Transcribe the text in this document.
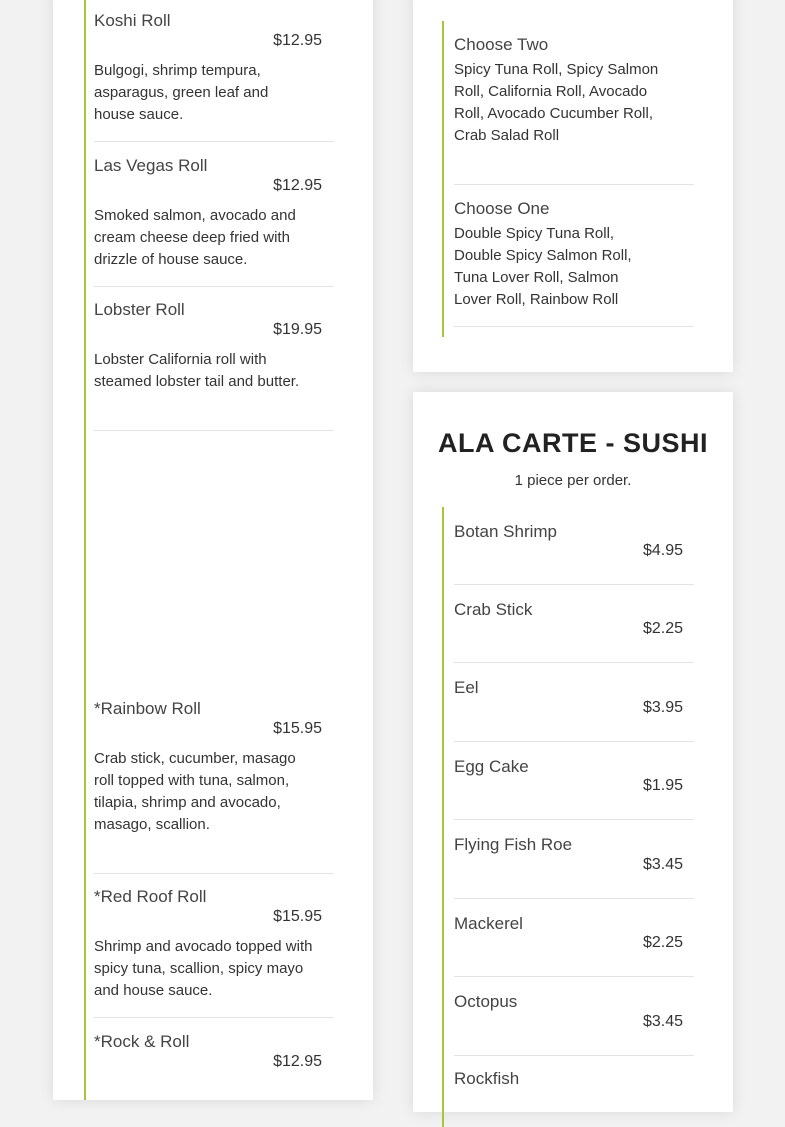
Koshi Roll
$12.95
Bulgogi, shrimp tempura, asparagus, green leaf and house sauce.
Las Vegas Roll
$12.95
Smoked salmon, avocado and cream cheese deep fried with drizzle of house sauce.
Lobster Roll
$19.95
Lobster California roll with steamed lobster tail and butter.
*Rainbow Roll
$15.95
Crab stick, cucumber, masago roll topped with tuna, salmon, tilapia, shrimp and avocado, masago, scallion.
*Red Roof Roll
$15.95
Shrimp and avocado topped with spicy tuna, scallion, spicy mayo and house sauce.
*Rock & Roll
$12.95
Choose Two
Spicy Tuna Roll, Spicy Salmon Roll, California Roll, Avocado Roll, Avocado Cucumber Roll, Crab Salad Roll
Choose One
Double Spicy Tuna Roll, Double Spicy Salmon Roll, Tuna Lover Roll, Salmon Lover Roll, Rainbow Roll
ALA CARTE - SUSHI
1 piece per order.
Botan Shrimp
$4.95
Crab Stick
$2.25
Eel
$3.95
Egg Cake
$1.95
Flying Fish Roe
$3.45
Mackerel
$2.25
Octopus
$3.45
Rockfish
